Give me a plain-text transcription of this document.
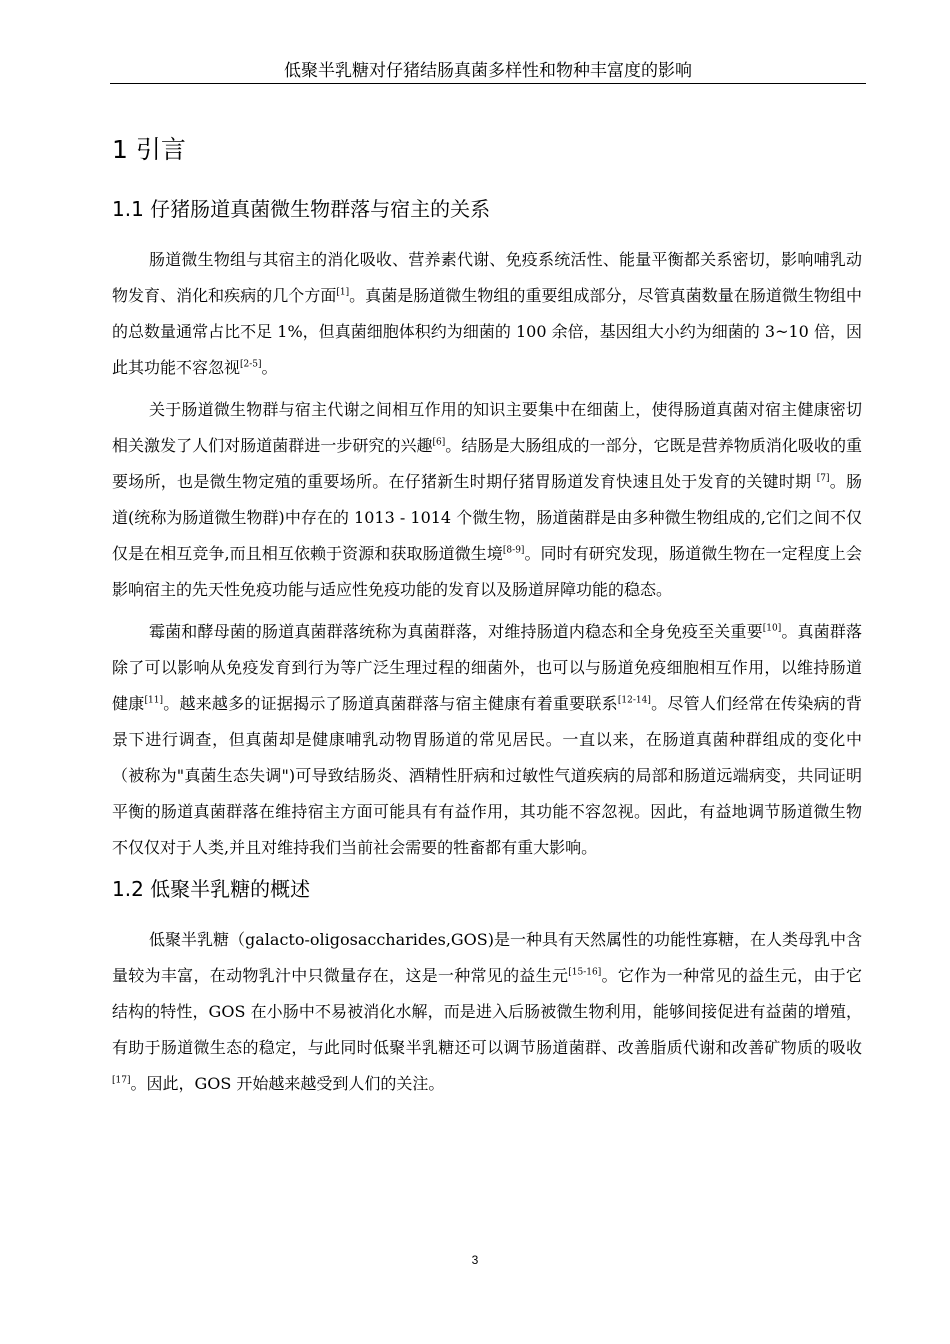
低聚半乳糖对仔猪结肠真菌多样性和物种丰富度的影响
1 引言
1.1 仔猪肠道真菌微生物群落与宿主的关系

肠道微生物组与其宿主的消化吸收、营养素代谢、免疫系统活性、能量平衡都关系密切，影响哺乳动物发育、消化和疾病的几个方面[1]。真菌是肠道微生物组的重要组成部分，尽管真菌数量在肠道微生物组中的总数量通常占比不足 1%，但真菌细胞体积约为细菌的 100 余倍，基因组大小约为细菌的 3~10 倍，因此其功能不容忽视[2-5]。

关于肠道微生物群与宿主代谢之间相互作用的知识主要集中在细菌上，使得肠道真菌对宿主健康密切相关激发了人们对肠道菌群进一步研究的兴趣[6]。结肠是大肠组成的一部分，它既是营养物质消化吸收的重要场所，也是微生物定殖的重要场所。在仔猪新生时期仔猪胃肠道发育快速且处于发育的关键时期 [7]。肠道(统称为肠道微生物群)中存在的 1013 - 1014 个微生物，肠道菌群是由多种微生物组成的,它们之间不仅仅是在相互竞争,而且相互依赖于资源和获取肠道微生境[8-9]。同时有研究发现，肠道微生物在一定程度上会影响宿主的先天性免疫功能与适应性免疫功能的发育以及肠道屏障功能的稳态。

霉菌和酵母菌的肠道真菌群落统称为真菌群落，对维持肠道内稳态和全身免疫至关重要[10]。真菌群落除了可以影响从免疫发育到行为等广泛生理过程的细菌外，也可以与肠道免疫细胞相互作用，以维持肠道健康[11]。越来越多的证据揭示了肠道真菌群落与宿主健康有着重要联系[12-14]。尽管人们经常在传染病的背景下进行调查，但真菌却是健康哺乳动物胃肠道的常见居民。一直以来，在肠道真菌种群组成的变化中（被称为"真菌生态失调")可导致结肠炎、酒精性肝病和过敏性气道疾病的局部和肠道远端病变，共同证明平衡的肠道真菌群落在维持宿主方面可能具有有益作用，其功能不容忽视。因此，有益地调节肠道微生物不仅仅对于人类,并且对维持我们当前社会需要的牲畜都有重大影响。

1.2 低聚半乳糖的概述

低聚半乳糖（galacto-oligosaccharides,GOS)是一种具有天然属性的功能性寡糖，在人类母乳中含量较为丰富，在动物乳汁中只微量存在，这是一种常见的益生元[15-16]。它作为一种常见的益生元，由于它结构的特性，GOS 在小肠中不易被消化水解，而是进入后肠被微生物利用，能够间接促进有益菌的增殖，有助于肠道微生态的稳定，与此同时低聚半乳糖还可以调节肠道菌群、改善脂质代谢和改善矿物质的吸收 [17]。因此，GOS 开始越来越受到人们的关注。

3
